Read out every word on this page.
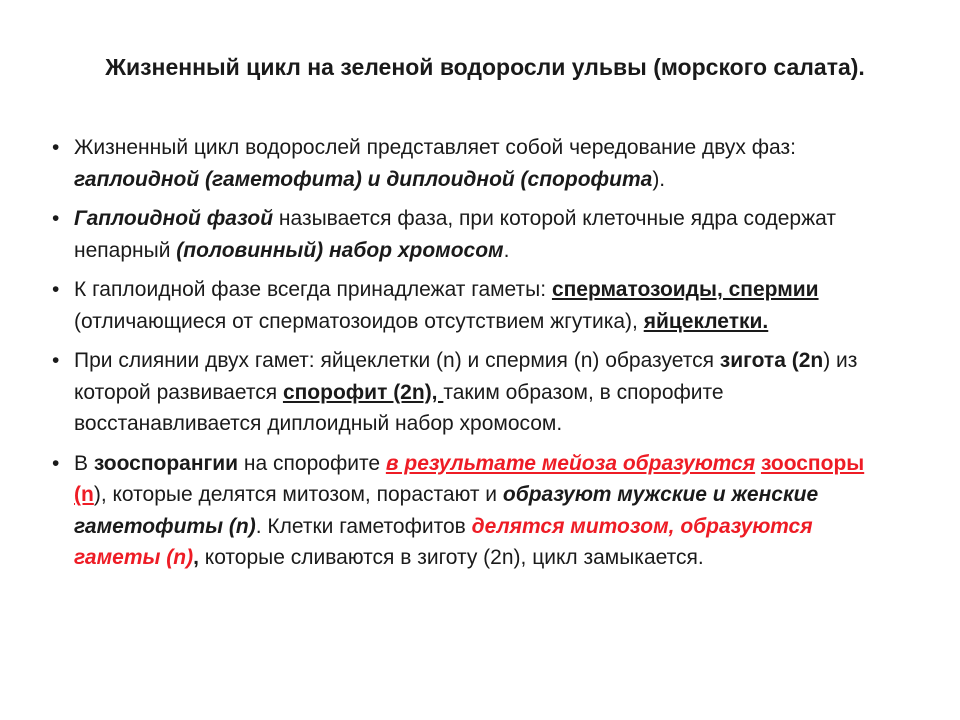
Жизненный цикл на зеленой водоросли ульвы (морского салата).
• Жизненный цикл водорослей представляет собой чередование двух фаз: гаплоидной (гаметофита) и диплоидной (спорофита).
• Гаплоидной фазой называется фаза, при которой клеточные ядра содержат непарный (половинный) набор хромосом.
• К гаплоидной фазе всегда принадлежат гаметы: сперматозоиды, спермии (отличающиеся от сперматозоидов отсутствием жгутика), яйцеклетки.
• При слиянии двух гамет: яйцеклетки (n) и спермия (n) образуется зигота (2n) из которой развивается спорофит (2n), таким образом, в спорофите восстанавливается диплоидный набор хромосом.
• В зооспорангии на спорофите в результате мейоза образуются зооспоры (n), которые делятся митозом, порастают и образуют мужские и женские гаметофиты (n). Клетки гаметофитов делятся митозом, образуются гаметы (n), которые сливаются в зиготу (2n), цикл замыкается.
